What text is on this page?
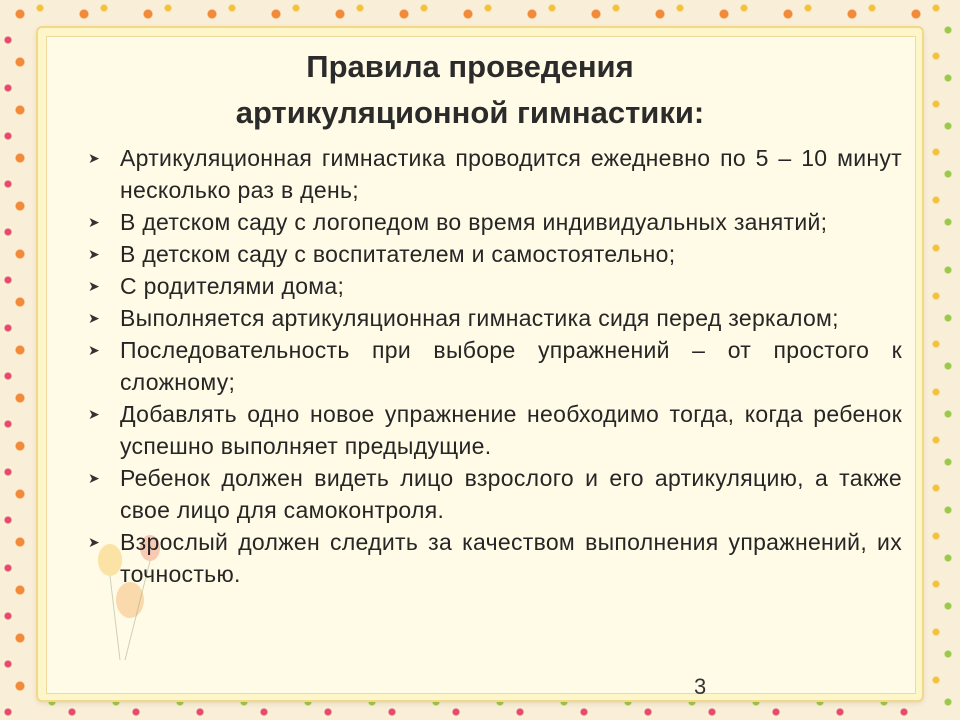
Правила проведения
артикуляционной гимнастики:
➤ Артикуляционная гимнастика проводится ежедневно по 5 – 10 минут несколько раз в день;
➤ В детском саду с логопедом во время индивидуальных занятий;
➤ В детском саду с воспитателем и самостоятельно;
➤ С родителями дома;
➤ Выполняется артикуляционная гимнастика сидя перед зеркалом;
➤ Последовательность при выборе упражнений – от простого к сложному;
➤ Добавлять одно новое упражнение необходимо тогда, когда ребенок успешно выполняет предыдущие.
➤ Ребенок должен видеть лицо взрослого и его артикуляцию, а также свое лицо для самоконтроля.
➤ Взрослый должен следить за качеством выполнения упражнений, их точностью.
3
